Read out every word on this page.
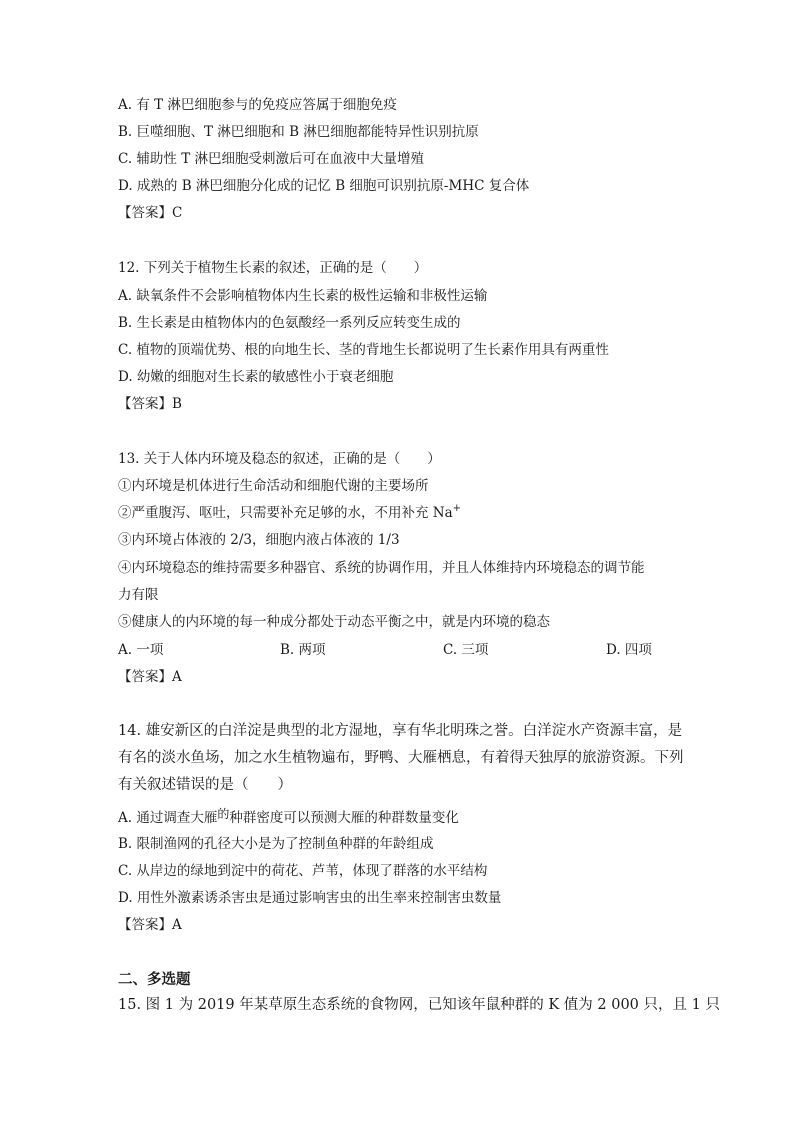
A. 有 T 淋巴细胞参与的免疫应答属于细胞免疫
B. 巨噬细胞、T 淋巴细胞和 B 淋巴细胞都能特异性识别抗原
C. 辅助性 T 淋巴细胞受刺激后可在血液中大量增殖
D. 成熟的 B 淋巴细胞分化成的记忆 B 细胞可识别抗原-MHC 复合体
【答案】C
12. 下列关于植物生长素的叙述，正确的是（　　）
A. 缺氧条件不会影响植物体内生长素的极性运输和非极性运输
B. 生长素是由植物体内的色氨酸经一系列反应转变生成的
C. 植物的顶端优势、根的向地生长、茎的背地生长都说明了生长素作用具有两重性
D. 幼嫩的细胞对生长素的敏感性小于衰老细胞
【答案】B
13. 关于人体内环境及稳态的叙述，正确的是（　　）
①内环境是机体进行生命活动和细胞代谢的主要场所
②严重腹泻、呕吐，只需要补充足够的水，不用补充 Na+
③内环境占体液的 2/3，细胞内液占体液的 1/3
④内环境稳态的维持需要多种器官、系统的协调作用，并且人体维持内环境稳态的调节能
力有限
⑤健康人的内环境的每一种成分都处于动态平衡之中，就是内环境的稳态
A. 一项	B. 两项	C. 三项	D. 四项
【答案】A
14. 雄安新区的白洋淀是典型的北方湿地，享有华北明珠之誉。白洋淀水产资源丰富，是
有名的淡水鱼场，加之水生植物遍布，野鸭、大雁栖息，有着得天独厚的旅游资源。下列
有关叙述错误的是（　　）
A. 通过调查大雁的种群密度可以预测大雁的种群数量变化
B. 限制渔网的孔径大小是为了控制鱼种群的年龄组成
C. 从岸边的绿地到淀中的荷花、芦苇，体现了群落的水平结构
D. 用性外激素诱杀害虫是通过影响害虫的出生率来控制害虫数量
【答案】A
二、多选题
15. 图 1 为 2019 年某草原生态系统的食物网，已知该年鼠种群的 K 值为 2 000 只，且 1 只
